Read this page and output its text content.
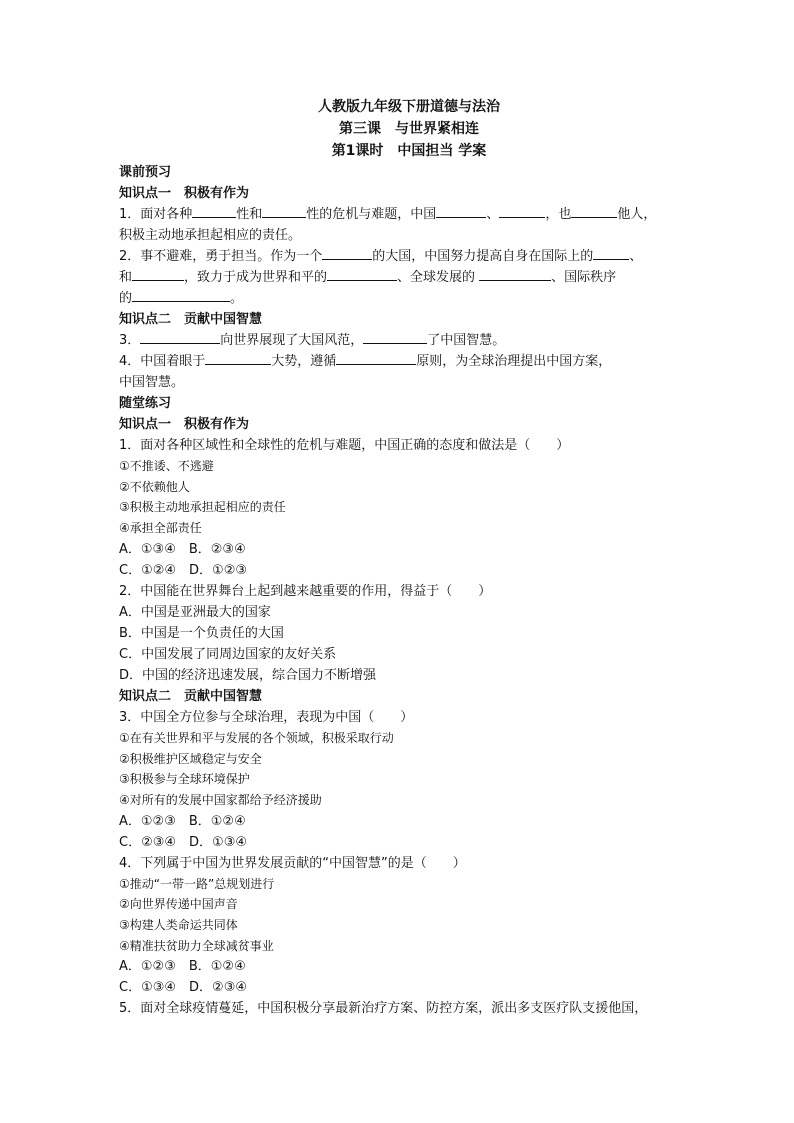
人教版九年级下册道德与法治
第三课　与世界紧相连
第1课时　中国担当 学案
课前预习
知识点一　积极有作为
1．面对各种	性和	性的危机与难题，中国	、	，也	他人，
积极主动地承担起相应的责任。
2．事不避难，勇于担当。作为一个	的大国，中国努力提高自身在国际上的	、
和	，致力于成为世界和平的	、全球发展的	、国际秩序
的	。
知识点二　贡献中国智慧
3．	向世界展现了大国风范，	了中国智慧。
4．中国着眼于	大势，遵循	原则，为全球治理提出中国方案，
中国智慧。
随堂练习
知识点一　积极有作为
1．面对各种区域性和全球性的危机与难题，中国正确的态度和做法是（　　）
①不推诿、不逃避
②不依赖他人
③积极主动地承担起相应的责任
④承担全部责任
A．①③④　B．②③④
C．①②④　D．①②③
2．中国能在世界舞台上起到越来越重要的作用，得益于（　　）
A．中国是亚洲最大的国家
B．中国是一个负责任的大国
C．中国发展了同周边国家的友好关系
D．中国的经济迅速发展，综合国力不断增强
知识点二　贡献中国智慧
3．中国全方位参与全球治理，表现为中国（　　）
①在有关世界和平与发展的各个领域，积极采取行动
②积极维护区域稳定与安全
③积极参与全球环境保护
④对所有的发展中国家都给予经济援助
A．①②③　B．①②④
C．②③④　D．①③④
4．下列属于中国为世界发展贡献的“中国智慧”的是（　　）
①推动“一带一路”总规划进行
②向世界传递中国声音
③构建人类命运共同体
④精准扶贫助力全球减贫事业
A．①②③　B．①②④
C．①③④　D．②③④
5．面对全球疫情蔓延，中国积极分享最新治疗方案、防控方案，派出多支医疗队支援他国，
